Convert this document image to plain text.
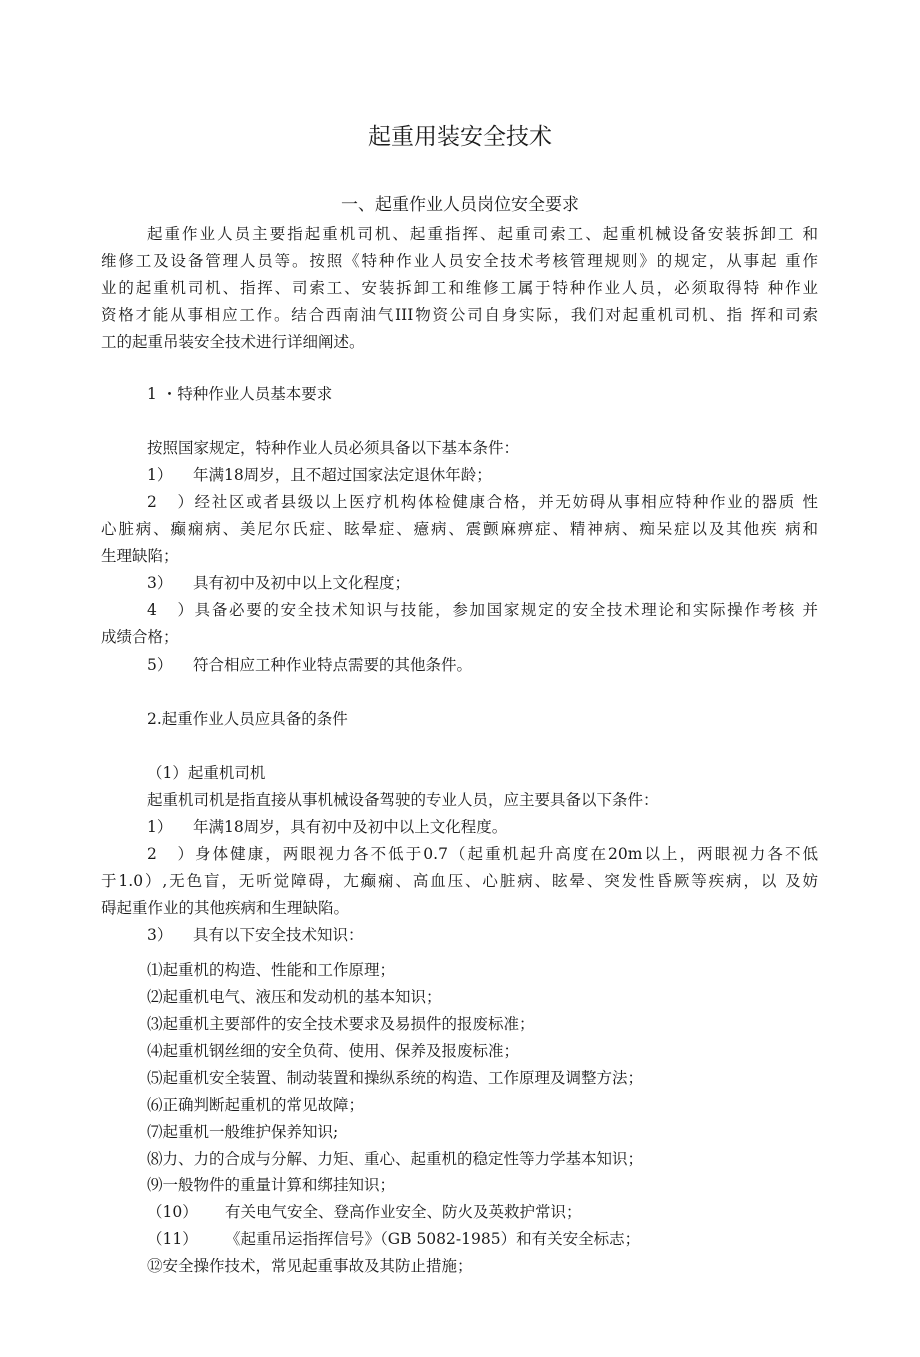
起重用装安全技术
一、起重作业人员岗位安全要求
起重作业人员主要指起重机司机、起重指挥、起重司索工、起重机械设备安装拆卸工 和
维修工及设备管理人员等。按照《特种作业人员安全技术考核管理规则》的规定，从事起 重作
业的起重机司机、指挥、司索工、安装拆卸工和维修工属于特种作业人员，必须取得特 种作业
资格才能从事相应工作。结合西南油气III物资公司自身实际，我们对起重机司机、指 挥和司索
工的起重吊装安全技术进行详细阐述。
1 ・特种作业人员基本要求
按照国家规定，特种作业人员必须具备以下基本条件：
1） 年满18周岁，且不超过国家法定退休年龄；
2）经社区或者县级以上医疗机构体检健康合格，并无妨碍从事相应特种作业的器质 性
心脏病、癫痫病、美尼尔氏症、眩晕症、癔病、震颤麻痹症、精神病、痴呆症以及其他疾 病和
生理缺陷；
3） 具有初中及初中以上文化程度；
4）具备必要的安全技术知识与技能，参加国家规定的安全技术理论和实际操作考核 并
成绩合格；
5） 符合相应工种作业特点需要的其他条件。
2.起重作业人员应具备的条件
（1）起重机司机
起重机司机是指直接从事机械设备驾驶的专业人员，应主要具备以下条件：
1） 年满18周岁，具有初中及初中以上文化程度。
2）身体健康，两眼视力各不低于0.7（起重机起升高度在20m以上，两眼视力各不低
于1.0）,无色盲，无听觉障碍，尢癫痫、高血压、心脏病、眩晕、突发性昏厥等疾病，以 及妨
碍起重作业的其他疾病和生理缺陷。
3） 具有以下安全技术知识：
⑴起重机的构造、性能和工作原理；
⑵起重机电气、液压和发动机的基本知识；
⑶起重机主要部件的安全技术要求及易损件的报废标准；
⑷起重机钢丝细的安全负荷、使用、保养及报废标准；
⑸起重机安全装置、制动装置和操纵系统的构造、工作原理及调整方法；
⑹正确判断起重机的常见故障；
⑺起重机一般维护保养知识;
⑻力、力的合成与分解、力矩、重心、起重机的稳定性等力学基本知识；
⑼一般物件的重量计算和绑挂知识；
（10） 有关电气安全、登高作业安全、防火及英救护常识；
（11） 《起重吊运指挥信号》（GB 5082-1985）和有关安全标志；
⑫安全操作技术，常见起重事故及其防止措施；
